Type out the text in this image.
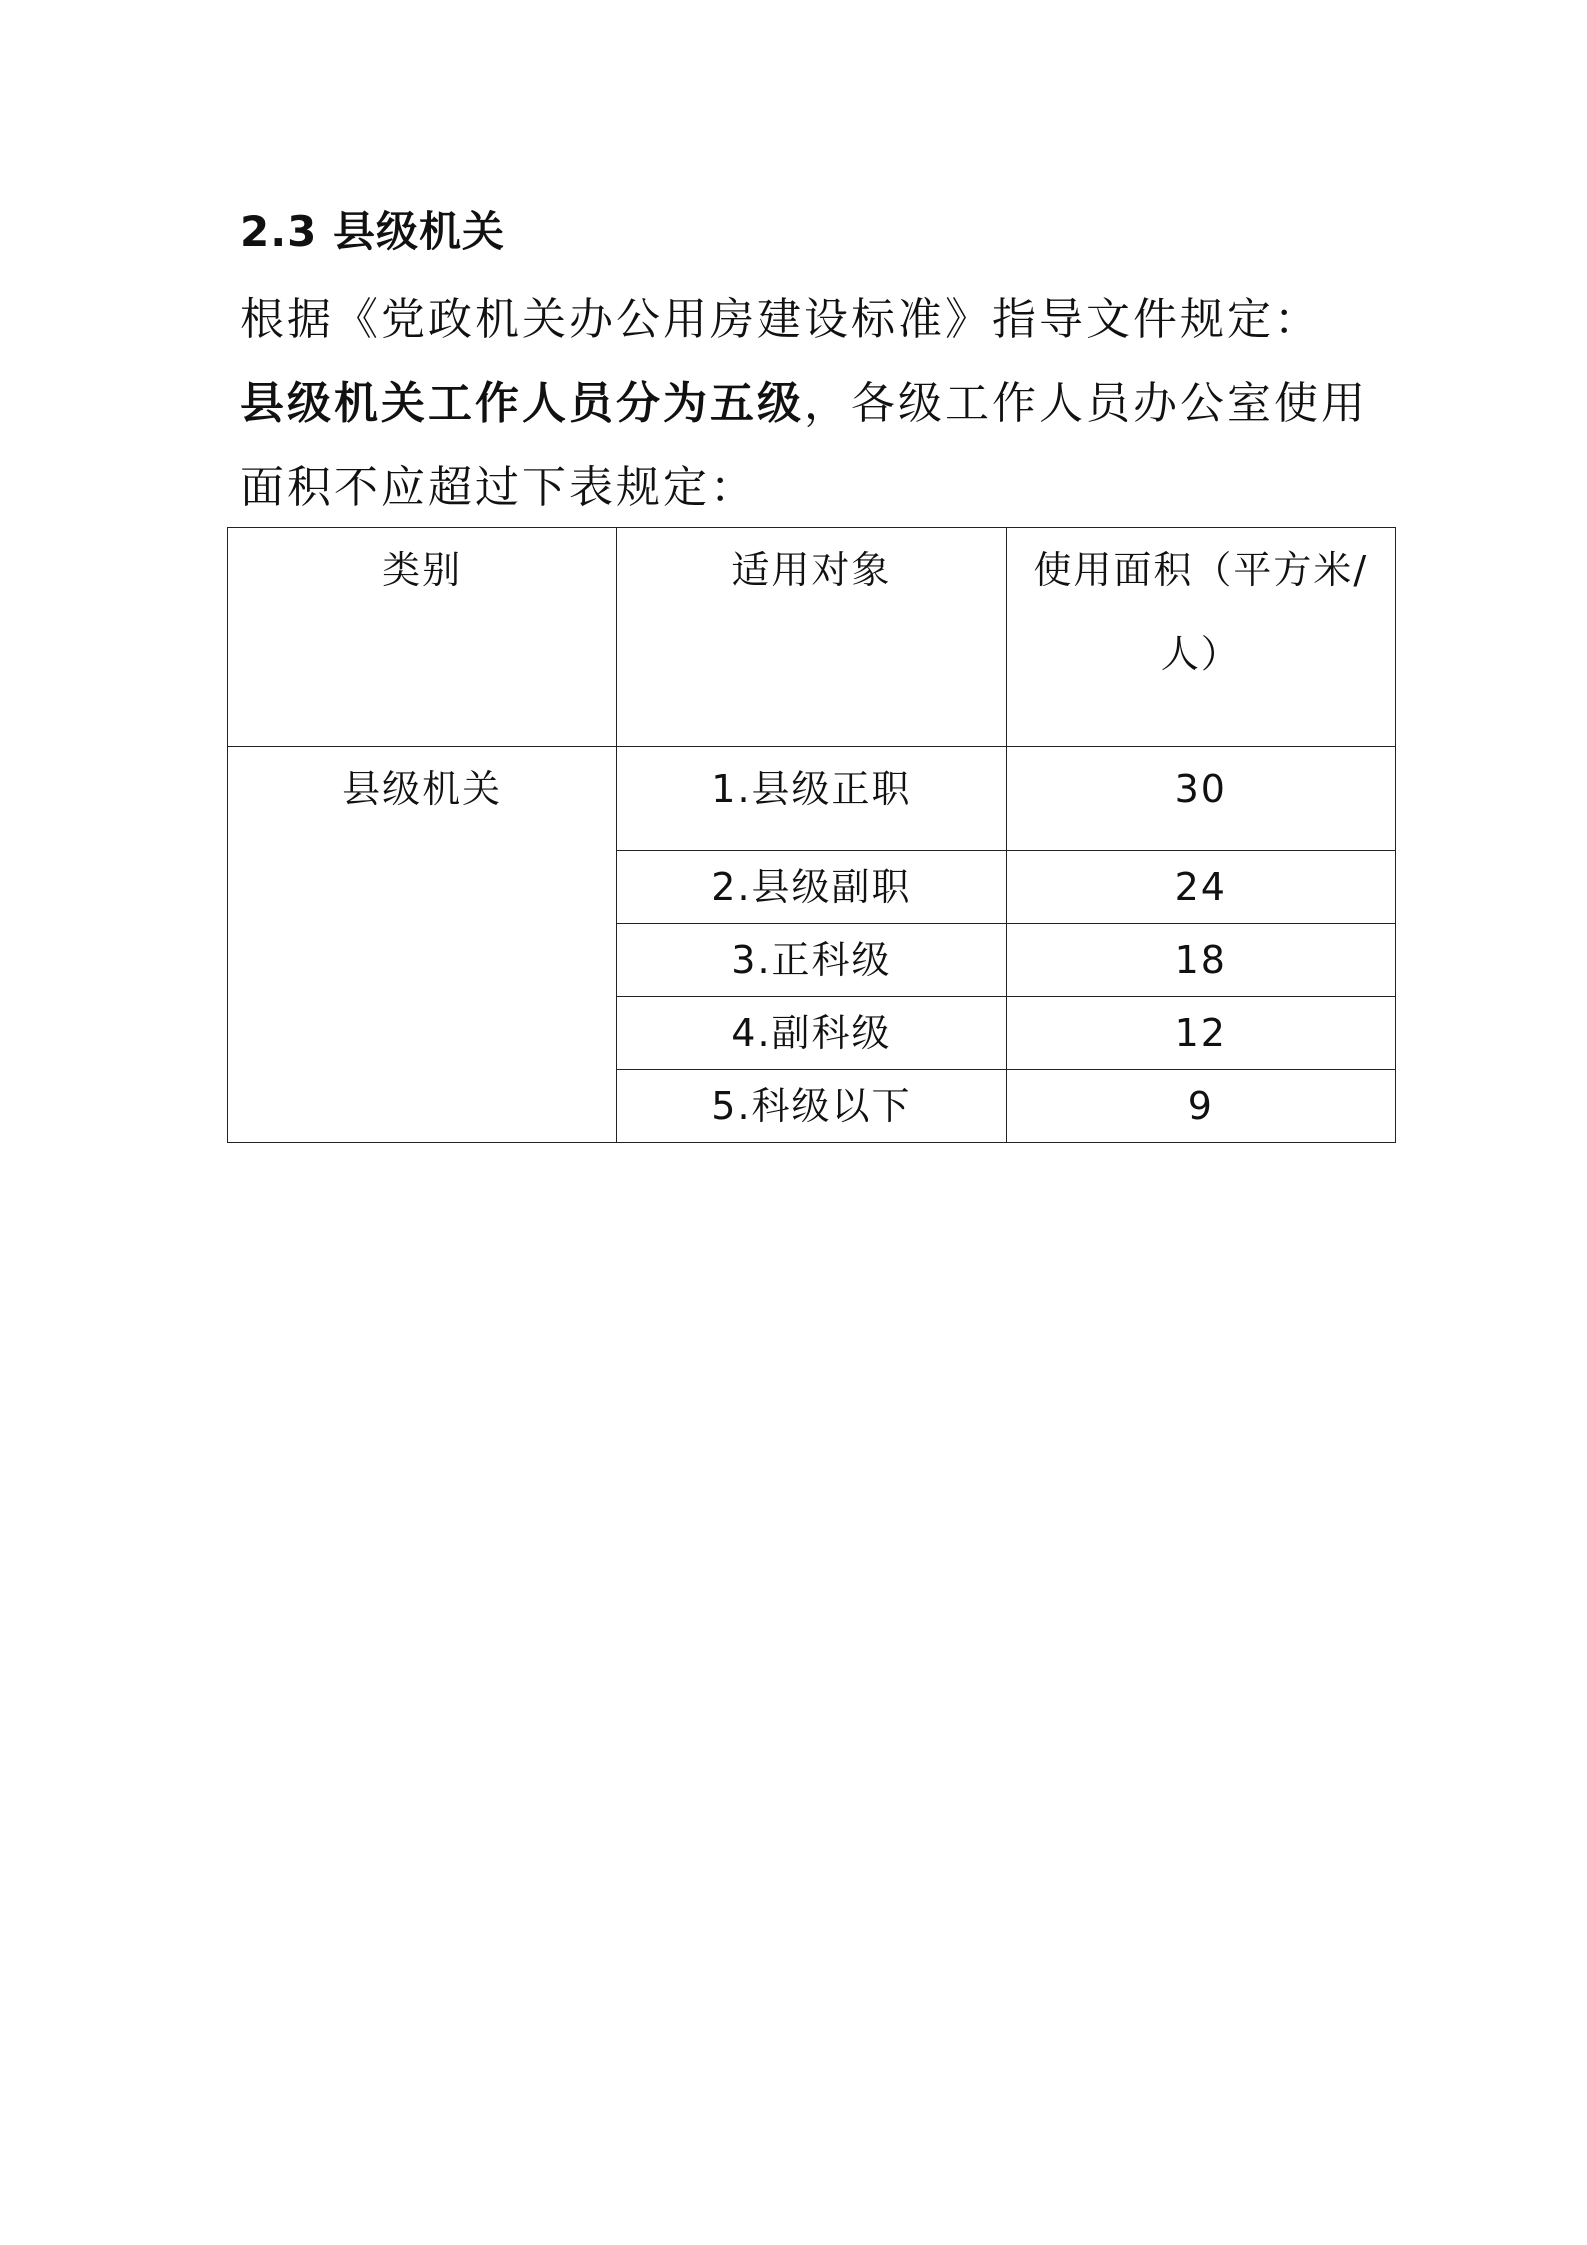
2.3 县级机关

根据《党政机关办公用房建设标准》指导文件规定：
县级机关工作人员分为五级，各级工作人员办公室使用面积不应超过下表规定：

类别	适用对象	使用面积（平方米/人）
县级机关	1.县级正职	30
	2.县级副职	24
	3.正科级	18
	4.副科级	12
	5.科级以下	9
